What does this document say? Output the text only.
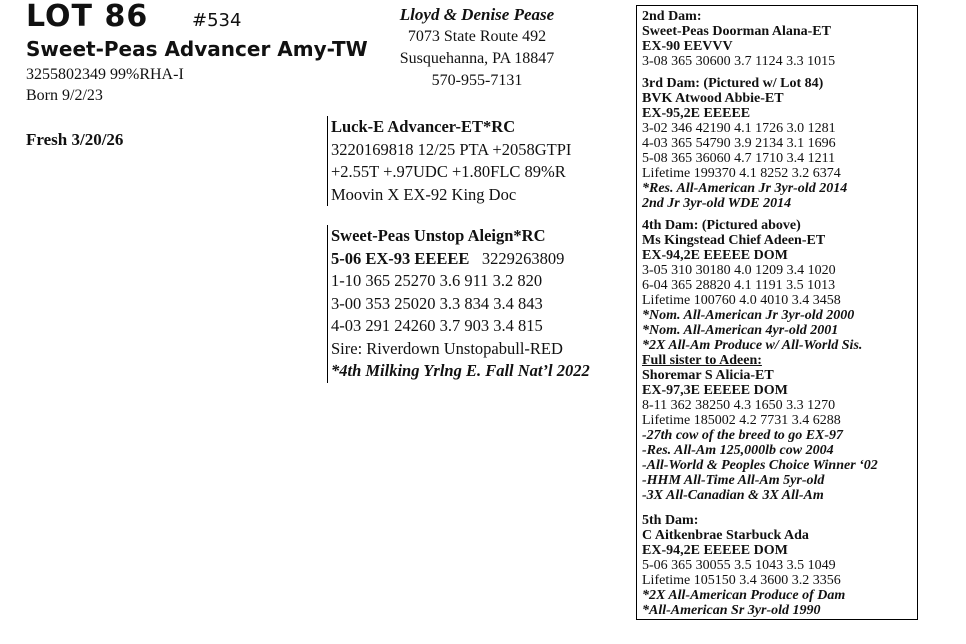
LOT 86 #534
Sweet-Peas Advancer Amy-TW
3255802349 99%RHA-I
Born 9/2/23
Fresh 3/20/26
Lloyd & Denise Pease
7073 State Route 492
Susquehanna, PA 18847
570-955-7131
Luck-E Advancer-ET*RC
3220169818 12/25 PTA +2058GTPI
+2.55T +.97UDC +1.80FLC 89%R
Moovin X EX-92 King Doc
Sweet-Peas Unstop Aleign*RC
5-06 EX-93 EEEEE 3229263809
1-10 365 25270 3.6 911 3.2 820
3-00 353 25020 3.3 834 3.4 843
4-03 291 24260 3.7 903 3.4 815
Sire: Riverdown Unstopabull-RED
*4th Milking Yrlng E. Fall Nat’l 2022
2nd Dam:
Sweet-Peas Doorman Alana-ET
EX-90 EEVVV
3-08 365 30600 3.7 1124 3.3 1015
3rd Dam: (Pictured w/ Lot 84)
BVK Atwood Abbie-ET
EX-95,2E EEEEE
3-02 346 42190 4.1 1726 3.0 1281
4-03 365 54790 3.9 2134 3.1 1696
5-08 365 36060 4.7 1710 3.4 1211
Lifetime 199370 4.1 8252 3.2 6374
*Res. All-American Jr 3yr-old 2014
2nd Jr 3yr-old WDE 2014
4th Dam: (Pictured above)
Ms Kingstead Chief Adeen-ET
EX-94,2E EEEEE DOM
3-05 310 30180 4.0 1209 3.4 1020
6-04 365 28820 4.1 1191 3.5 1013
Lifetime 100760 4.0 4010 3.4 3458
*Nom. All-American Jr 3yr-old 2000
*Nom. All-American 4yr-old 2001
*2X All-Am Produce w/ All-World Sis.
Full sister to Adeen:
Shoremar S Alicia-ET
EX-97,3E EEEEE DOM
8-11 362 38250 4.3 1650 3.3 1270
Lifetime 185002 4.2 7731 3.4 6288
-27th cow of the breed to go EX-97
-Res. All-Am 125,000lb cow 2004
-All-World & Peoples Choice Winner ‘02
-HHM All-Time All-Am 5yr-old
-3X All-Canadian & 3X All-Am
5th Dam:
C Aitkenbrae Starbuck Ada
EX-94,2E EEEEE DOM
5-06 365 30055 3.5 1043 3.5 1049
Lifetime 105150 3.4 3600 3.2 3356
*2X All-American Produce of Dam
*All-American Sr 3yr-old 1990
